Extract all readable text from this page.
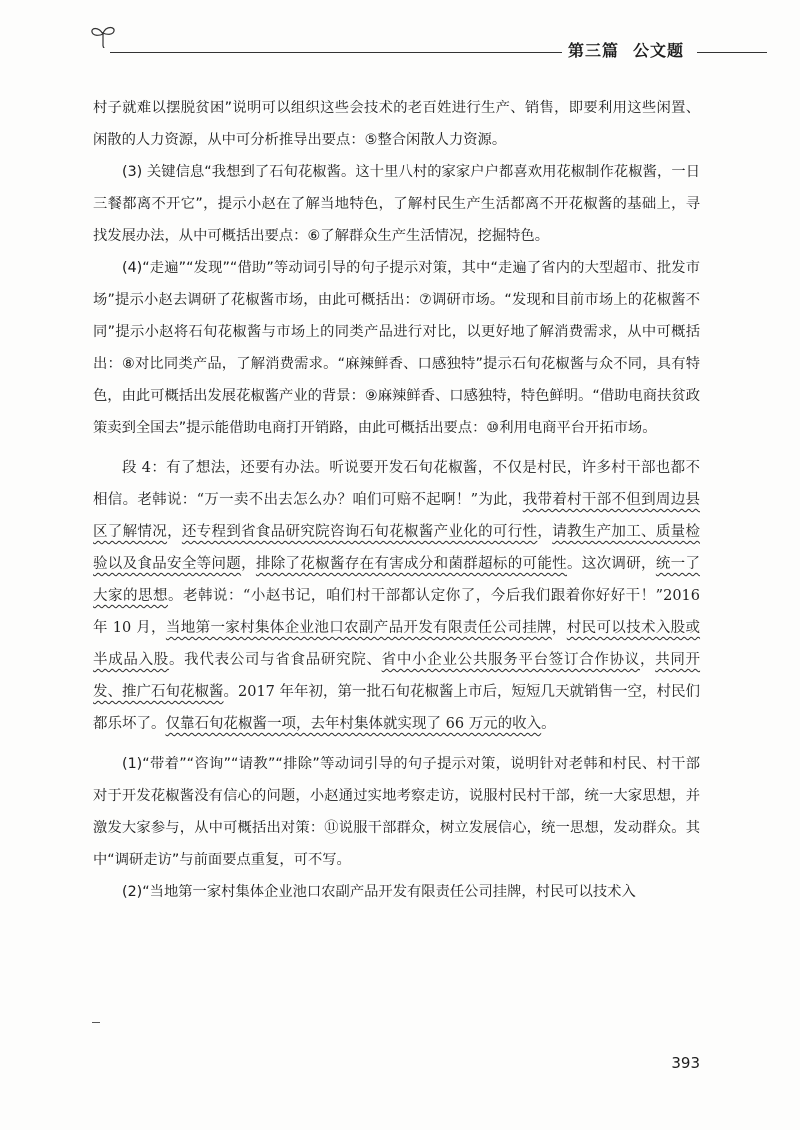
第三篇 公文题

村子就难以摆脱贫困”说明可以组织这些会技术的老百姓进行生产、销售，即要利用这些闲置、闲散的人力资源，从中可分析推导出要点：⑤整合闲散人力资源。

(3) 关键信息“我想到了石旬花椒酱。这十里八村的家家户户都喜欢用花椒制作花椒酱，一日三餐都离不开它”，提示小赵在了解当地特色，了解村民生产生活都离不开花椒酱的基础上，寻找发展办法，从中可概括出要点：⑥了解群众生产生活情况，挖掘特色。

(4)“走遍”“发现”“借助”等动词引导的句子提示对策，其中“走遍了省内的大型超市、批发市场”提示小赵去调研了花椒酱市场，由此可概括出：⑦调研市场。“发现和目前市场上的花椒酱不同”提示小赵将石旬花椒酱与市场上的同类产品进行对比，以更好地了解消费需求，从中可概括出：⑧对比同类产品，了解消费需求。“麻辣鲜香、口感独特”提示石旬花椒酱与众不同，具有特色，由此可概括出发展花椒酱产业的背景：⑨麻辣鲜香、口感独特，特色鲜明。“借助电商扶贫政策卖到全国去”提示能借助电商打开销路，由此可概括出要点：⑩利用电商平台开拓市场。

段 4：有了想法，还要有办法。听说要开发石旬花椒酱，不仅是村民，许多村干部也都不相信。老韩说：“万一卖不出去怎么办？咱们可赔不起啊！”为此，我带着村干部不但到周边县区了解情况，还专程到省食品研究院咨询石旬花椒酱产业化的可行性，请教生产加工、质量检验以及食品安全等问题，排除了花椒酱存在有害成分和菌群超标的可能性。这次调研，统一了大家的思想。老韩说：“小赵书记，咱们村干部都认定你了，今后我们跟着你好好干！”2016 年 10 月，当地第一家村集体企业池口农副产品开发有限责任公司挂牌，村民可以技术入股或半成品入股。我代表公司与省食品研究院、省中小企业公共服务平台签订合作协议，共同开发、推广石旬花椒酱。2017 年年初，第一批石旬花椒酱上市后，短短几天就销售一空，村民们都乐坏了。仅靠石旬花椒酱一项，去年村集体就实现了 66 万元的收入。

(1)“带着”“咨询”“请教”“排除”等动词引导的句子提示对策，说明针对老韩和村民、村干部对于开发花椒酱没有信心的问题，小赵通过实地考察走访，说服村民村干部，统一大家思想，并激发大家参与，从中可概括出对策：⑪说服干部群众，树立发展信心，统一思想，发动群众。其中“调研走访”与前面要点重复，可不写。

(2)“当地第一家村集体企业池口农副产品开发有限责任公司挂牌，村民可以技术入

393
